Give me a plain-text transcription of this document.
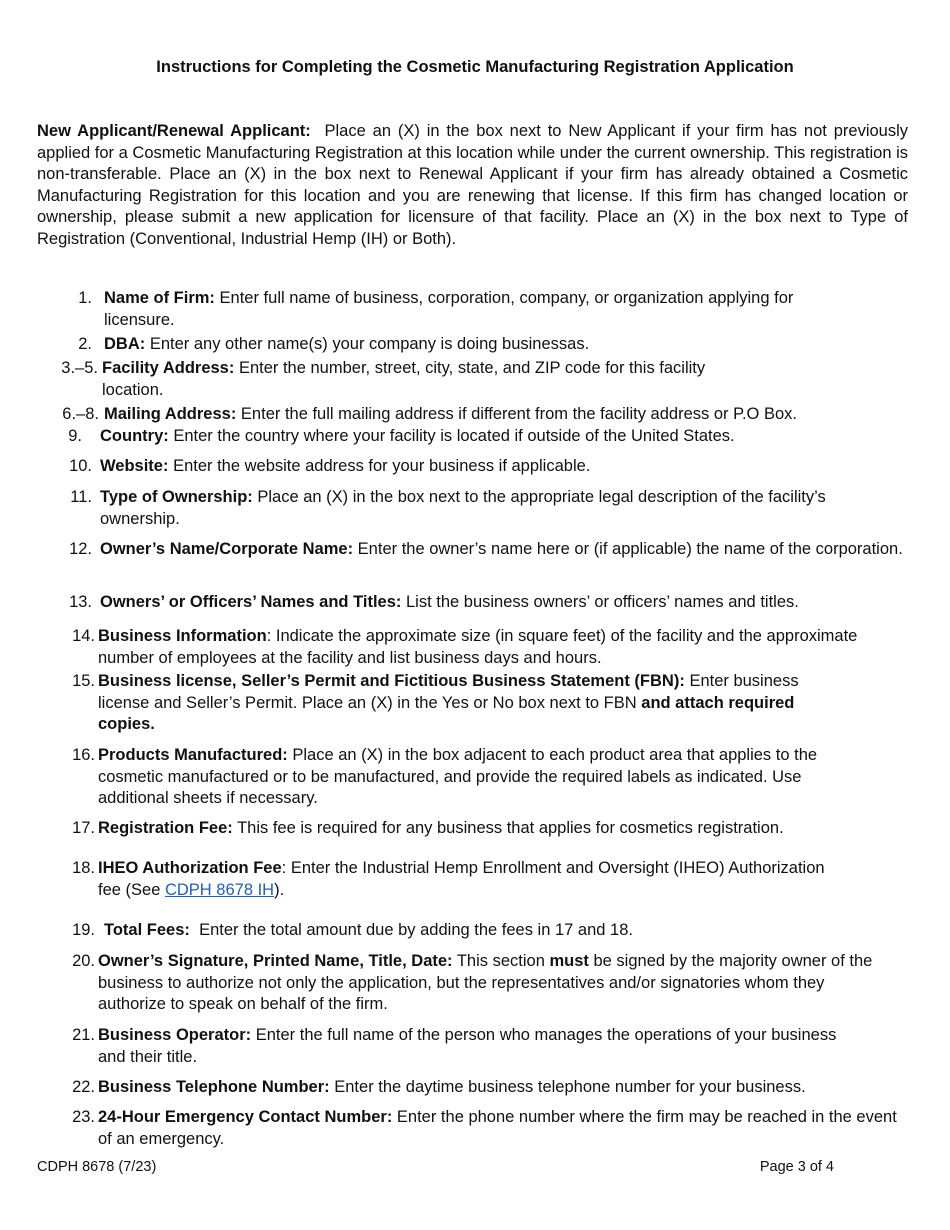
Instructions for Completing the Cosmetic Manufacturing Registration Application
New Applicant/Renewal Applicant: Place an (X) in the box next to New Applicant if your firm has not previously applied for a Cosmetic Manufacturing Registration at this location while under the current ownership. This registration is non-transferable. Place an (X) in the box next to Renewal Applicant if your firm has already obtained a Cosmetic Manufacturing Registration for this location and you are renewing that license. If this firm has changed location or ownership, please submit a new application for licensure of that facility. Place an (X) in the box next to Type of Registration (Conventional, Industrial Hemp (IH) or Both).
1. Name of Firm: Enter full name of business, corporation, company, or organization applying for licensure.
2. DBA: Enter any other name(s) your company is doing businessas.
3.–5. Facility Address: Enter the number, street, city, state, and ZIP code for this facility location.
6.–8. Mailing Address: Enter the full mailing address if different from the facility address or P.O Box.
9. Country: Enter the country where your facility is located if outside of the United States.
10. Website: Enter the website address for your business if applicable.
11. Type of Ownership: Place an (X) in the box next to the appropriate legal description of the facility’s ownership.
12. Owner’s Name/Corporate Name: Enter the owner’s name here or (if applicable) the name of the corporation.
13. Owners’ or Officers’ Names and Titles: List the business owners’ or officers’ names and titles.
14. Business Information: Indicate the approximate size (in square feet) of the facility and the approximate number of employees at the facility and list business days and hours.
15. Business license, Seller’s Permit and Fictitious Business Statement (FBN): Enter business license and Seller’s Permit. Place an (X) in the Yes or No box next to FBN and attach required copies.
16. Products Manufactured: Place an (X) in the box adjacent to each product area that applies to the cosmetic manufactured or to be manufactured, and provide the required labels as indicated. Use additional sheets if necessary.
17. Registration Fee: This fee is required for any business that applies for cosmetics registration.
18. IHEO Authorization Fee: Enter the Industrial Hemp Enrollment and Oversight (IHEO) Authorization fee (See CDPH 8678 IH).
19. Total Fees: Enter the total amount due by adding the fees in 17 and 18.
20. Owner’s Signature, Printed Name, Title, Date: This section must be signed by the majority owner of the business to authorize not only the application, but the representatives and/or signatories whom they authorize to speak on behalf of the firm.
21. Business Operator: Enter the full name of the person who manages the operations of your business and their title.
22. Business Telephone Number: Enter the daytime business telephone number for your business.
23. 24-Hour Emergency Contact Number: Enter the phone number where the firm may be reached in the event of an emergency.
CDPH 8678 (7/23)	Page 3 of 4
